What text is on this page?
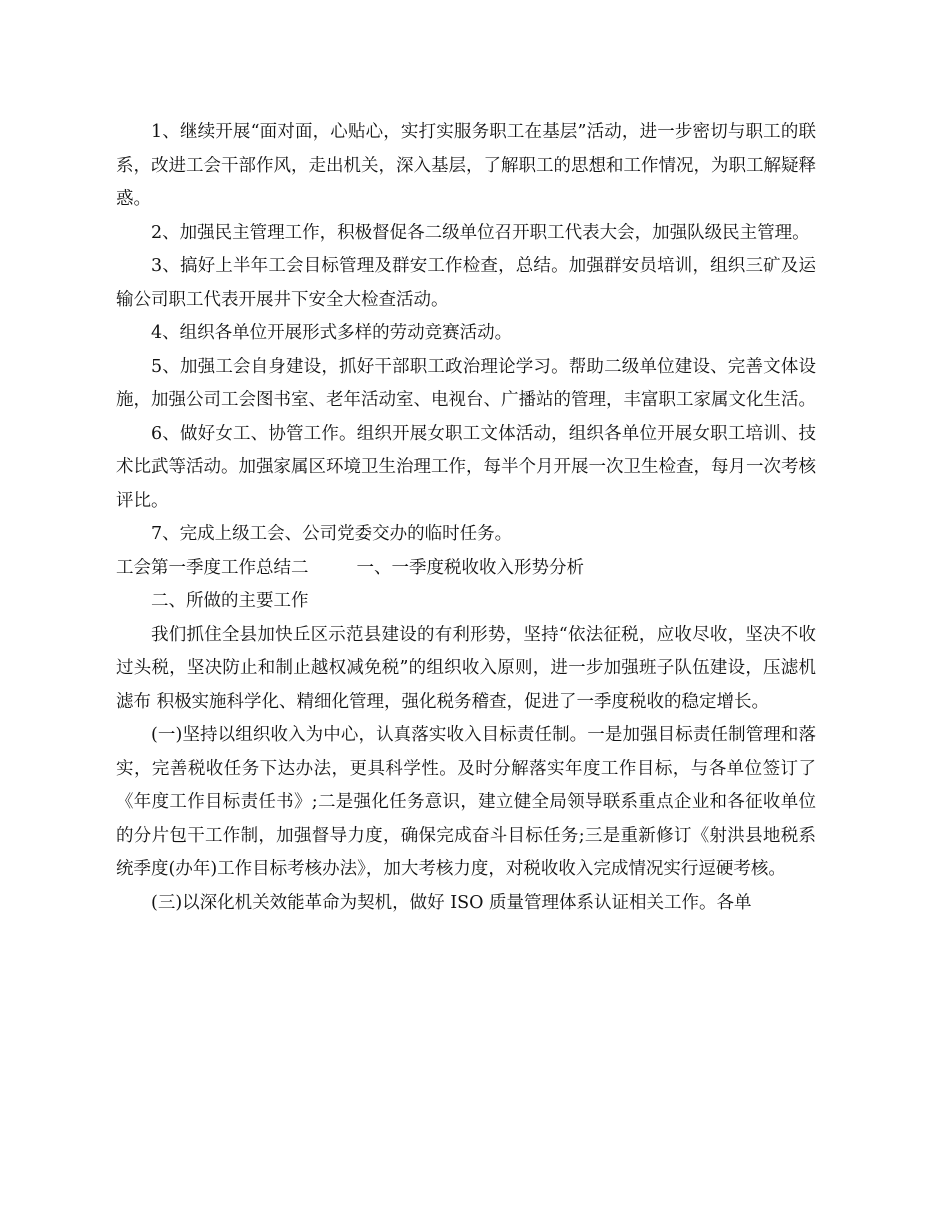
1、继续开展“面对面，心贴心，实打实服务职工在基层”活动，进一步密切与职工的联系，改进工会干部作风，走出机关，深入基层，了解职工的思想和工作情况，为职工解疑释惑。

2、加强民主管理工作，积极督促各二级单位召开职工代表大会，加强队级民主管理。

3、搞好上半年工会目标管理及群安工作检查，总结。加强群安员培训，组织三矿及运输公司职工代表开展井下安全大检查活动。

4、组织各单位开展形式多样的劳动竞赛活动。

5、加强工会自身建设，抓好干部职工政治理论学习。帮助二级单位建设、完善文体设施，加强公司工会图书室、老年活动室、电视台、广播站的管理，丰富职工家属文化生活。

6、做好女工、协管工作。组织开展女职工文体活动，组织各单位开展女职工培训、技术比武等活动。加强家属区环境卫生治理工作，每半个月开展一次卫生检查，每月一次考核评比。

7、完成上级工会、公司党委交办的临时任务。

工会第一季度工作总结二	一、一季度税收收入形势分析

二、所做的主要工作

我们抓住全县加快丘区示范县建设的有利形势，坚持“依法征税，应收尽收，坚决不收过头税，坚决防止和制止越权减免税”的组织收入原则，进一步加强班子队伍建设，压滤机滤布 积极实施科学化、精细化管理，强化税务稽查，促进了一季度税收的稳定增长。

(一)坚持以组织收入为中心，认真落实收入目标责任制。一是加强目标责任制管理和落实，完善税收任务下达办法，更具科学性。及时分解落实年度工作目标，与各单位签订了《年度工作目标责任书》;二是强化任务意识，建立健全局领导联系重点企业和各征收单位的分片包干工作制，加强督导力度，确保完成奋斗目标任务;三是重新修订《射洪县地税系统季度(办年)工作目标考核办法》，加大考核力度，对税收收入完成情况实行逗硬考核。

(三)以深化机关效能革命为契机，做好 ISO 质量管理体系认证相关工作。各单
